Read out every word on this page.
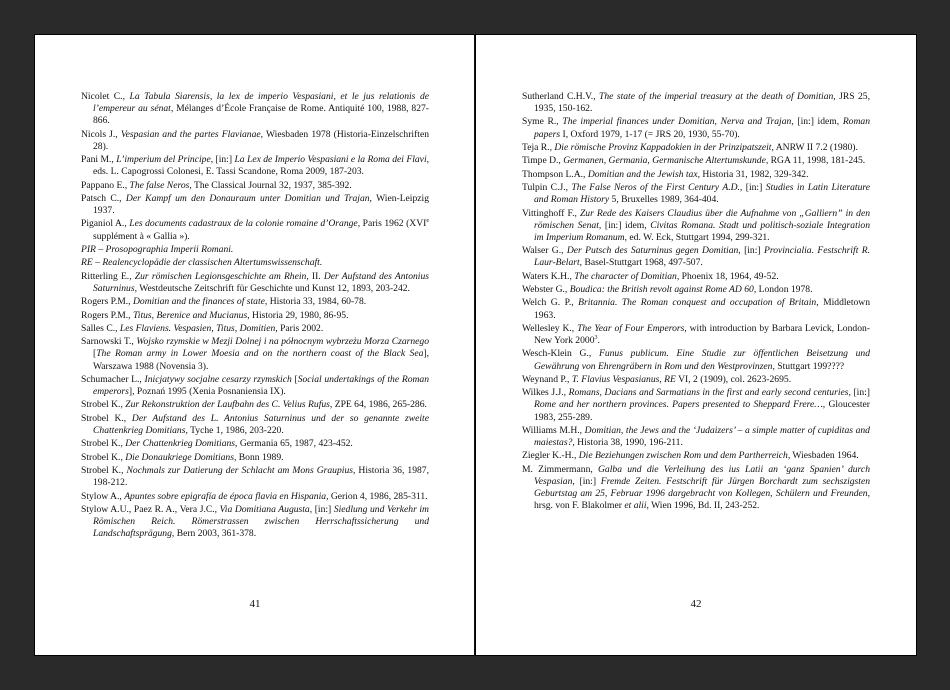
Nicolet C., La Tabula Siarensis, la lex de imperio Vespasiani, et le jus relationis de l’empereur au sénat, Mélanges d’École Française de Rome. Antiquité 100, 1988, 827-866.

Nicols J., Vespasian and the partes Flavianae, Wiesbaden 1978 (Historia-Einzelschriften 28).

Pani M., L’imperium del Principe, [in:] La Lex de Imperio Vespasiani e la Roma dei Flavi, eds. L. Capogrossi Colonesi, E. Tassi Scandone, Roma 2009, 187-203.

Pappano E., The false Neros, The Classical Journal 32, 1937, 385-392.

Patsch C., Der Kampf um den Donauraum unter Domitian und Trajan, Wien-Leipzig 1937.

Piganiol A., Les documents cadastraux de la colonie romaine d’Orange, Paris 1962 (XVIe supplément à « Gallia »).

PIR – Prosopographia Imperii Romani.

RE – Realencyclopädie der classischen Altertumswissenschaft.

Ritterling E., Zur römischen Legionsgeschichte am Rhein, II. Der Aufstand des Antonius Saturninus, Westdeutsche Zeitschrift für Geschichte und Kunst 12, 1893, 203-242.

Rogers P.M., Domitian and the finances of state, Historia 33, 1984, 60-78.

Rogers P.M., Titus, Berenice and Mucianus, Historia 29, 1980, 86-95.

Salles C., Les Flaviens. Vespasien, Titus, Domitien, Paris 2002.

Sarnowski T., Wojsko rzymskie w Mezji Dolnej i na północnym wybrzeżu Morza Czarnego [The Roman army in Lower Moesia and on the northern coast of the Black Sea], Warszawa 1988 (Novensia 3).

Schumacher L., Inicjatywy socjalne cesarzy rzymskich [Social undertakings of the Roman emperors], Poznań 1995 (Xenia Posnaniensia IX).

Strobel K., Zur Rekonstruktion der Laufbahn des C. Velius Rufus, ZPE 64, 1986, 265-286.

Strobel K., Der Aufstand des L. Antonius Saturninus und der so genannte zweite Chattenkrieg Domitians, Tyche 1, 1986, 203-220.

Strobel K., Der Chattenkrieg Domitians, Germania 65, 1987, 423-452.

Strobel K., Die Donaukriege Domitians, Bonn 1989.

Strobel K., Nochmals zur Datierung der Schlacht am Mons Graupius, Historia 36, 1987, 198-212.

Stylow A., Apuntes sobre epigrafía de época flavia en Hispania, Gerion 4, 1986, 285-311.

Stylow A.U., Paez R. A., Vera J.C., Via Domitiana Augusta, [in:] Siedlung und Verkehr im Römischen Reich. Römerstrassen zwischen Herrschaftssicherung und Landschaftsprägung, Bern 2003, 361-378.

41

Sutherland C.H.V., The state of the imperial treasury at the death of Domitian, JRS 25, 1935, 150-162.

Syme R., The imperial finances under Domitian, Nerva and Trajan, [in:] idem, Roman papers I, Oxford 1979, 1-17 (= JRS 20, 1930, 55-70).

Teja R., Die römische Provinz Kappadokien in der Prinzipatszeit, ANRW II 7.2 (1980).

Timpe D., Germanen, Germania, Germanische Altertumskunde, RGA 11, 1998, 181-245.

Thompson L.A., Domitian and the Jewish tax, Historia 31, 1982, 329-342.

Tulpin C.J., The False Neros of the First Century A.D., [in:] Studies in Latin Literature and Roman History 5, Bruxelles 1989, 364-404.

Vittinghoff F., Zur Rede des Kaisers Claudius über die Aufnahme von „Galliern” in den römischen Senat, [in:] idem, Civitas Romana. Stadt und politisch-soziale Integration im Imperium Romanum, ed. W. Eck, Stuttgart 1994, 299-321.

Walser G., Der Putsch des Saturninus gegen Domitian, [in:] Provincialia. Festschrift R. Laur-Belart, Basel-Stuttgart 1968, 497-507.

Waters K.H., The character of Domitian, Phoenix 18, 1964, 49-52.

Webster G., Boudica: the British revolt against Rome AD 60, London 1978.

Welch G. P., Britannia. The Roman conquest and occupation of Britain, Middletown 1963.

Wellesley K., The Year of Four Emperors, with introduction by Barbara Levick, London-New York 2000$^3$.

Wesch-Klein G., Funus publicum. Eine Studie zur öffentlichen Beisetzung und Gewährung von Ehrengräbern in Rom und den Westprovinzen, Stuttgart 199????

Weynand P., T. Flavius Vespasianus, RE VI, 2 (1909), col. 2623-2695.

Wilkes J.J., Romans, Dacians and Sarmatians in the first and early second centuries, [in:] Rome and her northern provinces. Papers presented to Sheppard Frere…, Gloucester 1983, 255-289.

Williams M.H., Domitian, the Jews and the ‘Judaizers’ – a simple matter of cupiditas and maiestas?, Historia 38, 1990, 196-211.

Ziegler K.-H., Die Beziehungen zwischen Rom und dem Partherreich, Wiesbaden 1964.

M. Zimmermann, Galba und die Verleihung des ius Latii an ‘ganz Spanien’ durch Vespasian, [in:] Fremde Zeiten. Festschrift für Jürgen Borchardt zum sechszigsten Geburtstag am 25, Februar 1996 dargebracht von Kollegen, Schülern und Freunden, hrsg. von F. Blakolmer et alii, Wien 1996, Bd. II, 243-252.

42
